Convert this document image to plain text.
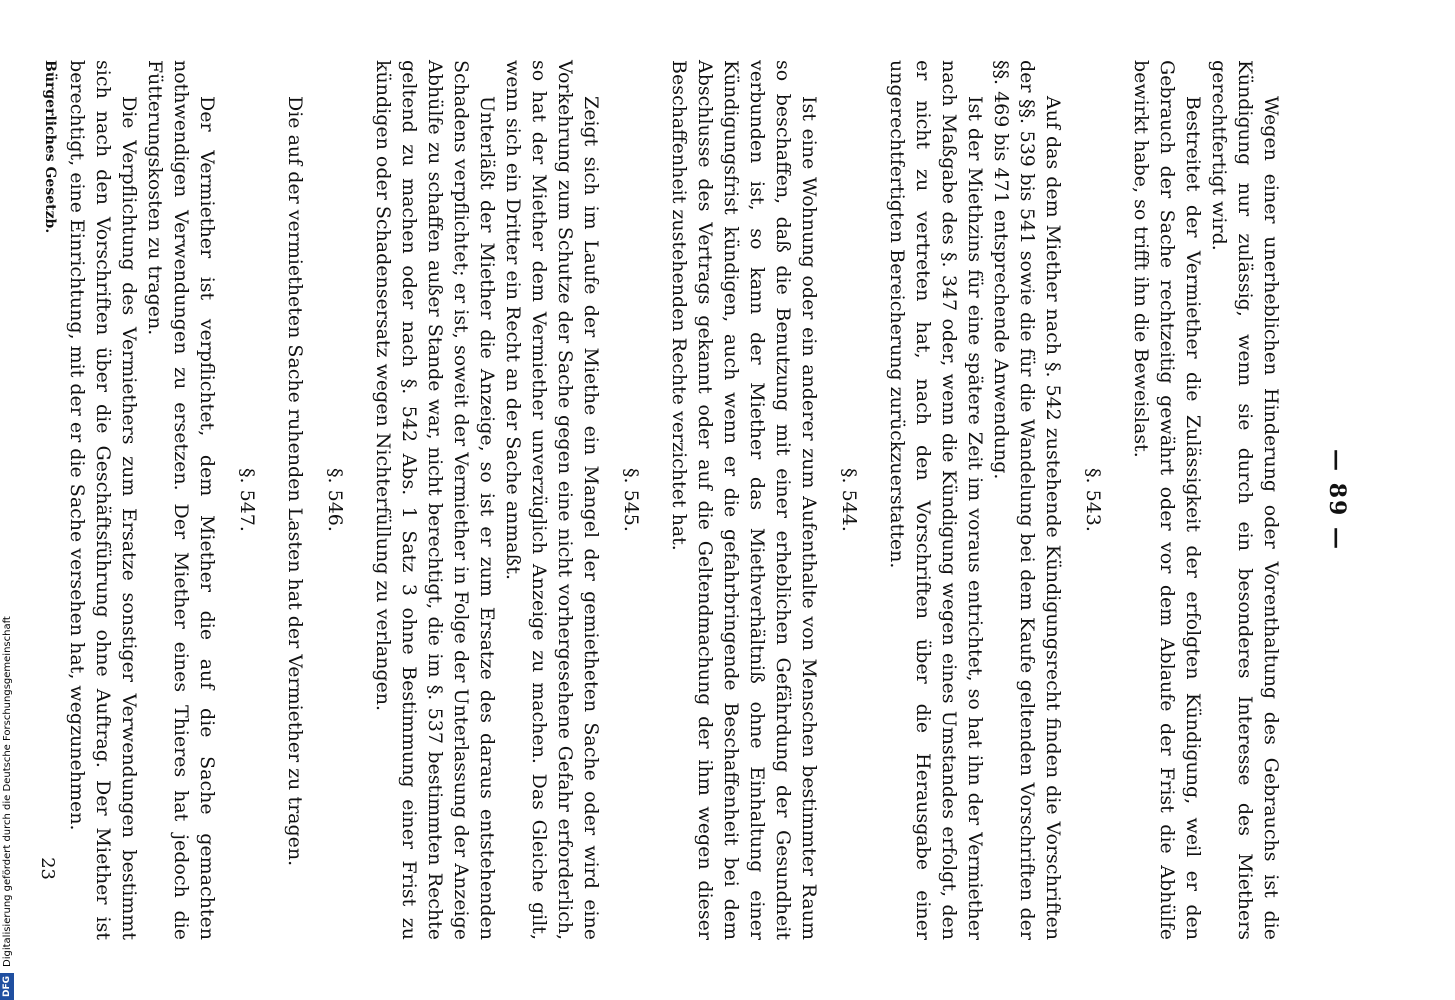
— 89 —

Wegen einer unerheblichen Hinderung oder Vorenthaltung des Gebrauchs ist die Kündigung nur zulässig, wenn sie durch ein besonderes Interesse des Miethers gerechtfertigt wird.

Bestreitet der Vermiether die Zulässigkeit der erfolgten Kündigung, weil er den Gebrauch der Sache rechtzeitig gewährt oder vor dem Ablaufe der Frist die Abhülfe bewirkt habe, so trifft ihn die Beweislast.

§. 543.

Auf das dem Miether nach §. 542 zustehende Kündigungsrecht finden die Vorschriften der §§. 539 bis 541 sowie die für die Wandelung bei dem Kaufe geltenden Vorschriften der §§. 469 bis 471 entsprechende Anwendung.

Ist der Miethzins für eine spätere Zeit im voraus entrichtet, so hat ihn der Vermiether nach Maßgabe des §. 347 oder, wenn die Kündigung wegen eines Umstandes erfolgt, den er nicht zu vertreten hat, nach den Vorschriften über die Herausgabe einer ungerechtfertigten Bereicherung zurückzuerstatten.

§. 544.

Ist eine Wohnung oder ein anderer zum Aufenthalte von Menschen bestimmter Raum so beschaffen, daß die Benutzung mit einer erheblichen Gefährdung der Gesundheit verbunden ist, so kann der Miether das Miethverhältniß ohne Einhaltung einer Kündigungsfrist kündigen, auch wenn er die gefahrbringende Beschaffenheit bei dem Abschlusse des Vertrags gekannt oder auf die Geltendmachung der ihm wegen dieser Beschaffenheit zustehenden Rechte verzichtet hat.

§. 545.

Zeigt sich im Laufe der Miethe ein Mangel der gemietheten Sache oder wird eine Vorkehrung zum Schutze der Sache gegen eine nicht vorhergesehene Gefahr erforderlich, so hat der Miether dem Vermiether unverzüglich Anzeige zu machen. Das Gleiche gilt, wenn sich ein Dritter ein Recht an der Sache anmaßt.

Unterläßt der Miether die Anzeige, so ist er zum Ersatze des daraus entstehenden Schadens verpflichtet; er ist, soweit der Vermiether in Folge der Unterlassung der Anzeige Abhülfe zu schaffen außer Stande war, nicht berechtigt, die im §. 537 bestimmten Rechte geltend zu machen oder nach §. 542 Abs. 1 Satz 3 ohne Bestimmung einer Frist zu kündigen oder Schadensersatz wegen Nichterfüllung zu verlangen.

§. 546.

Die auf der vermietheten Sache ruhenden Lasten hat der Vermiether zu tragen.

§. 547.

Der Vermiether ist verpflichtet, dem Miether die auf die Sache gemachten nothwendigen Verwendungen zu ersetzen. Der Miether eines Thieres hat jedoch die Fütterungskosten zu tragen.

Die Verpflichtung des Vermiethers zum Ersatze sonstiger Verwendungen bestimmt sich nach den Vorschriften über die Geschäftsführung ohne Auftrag. Der Miether ist berechtigt, eine Einrichtung, mit der er die Sache versehen hat, wegzunehmen.

Bürgerliches Gesetzb.
23
DFGDigitalisierung gefördert durch die Deutsche Forschungsgemeinschaft
